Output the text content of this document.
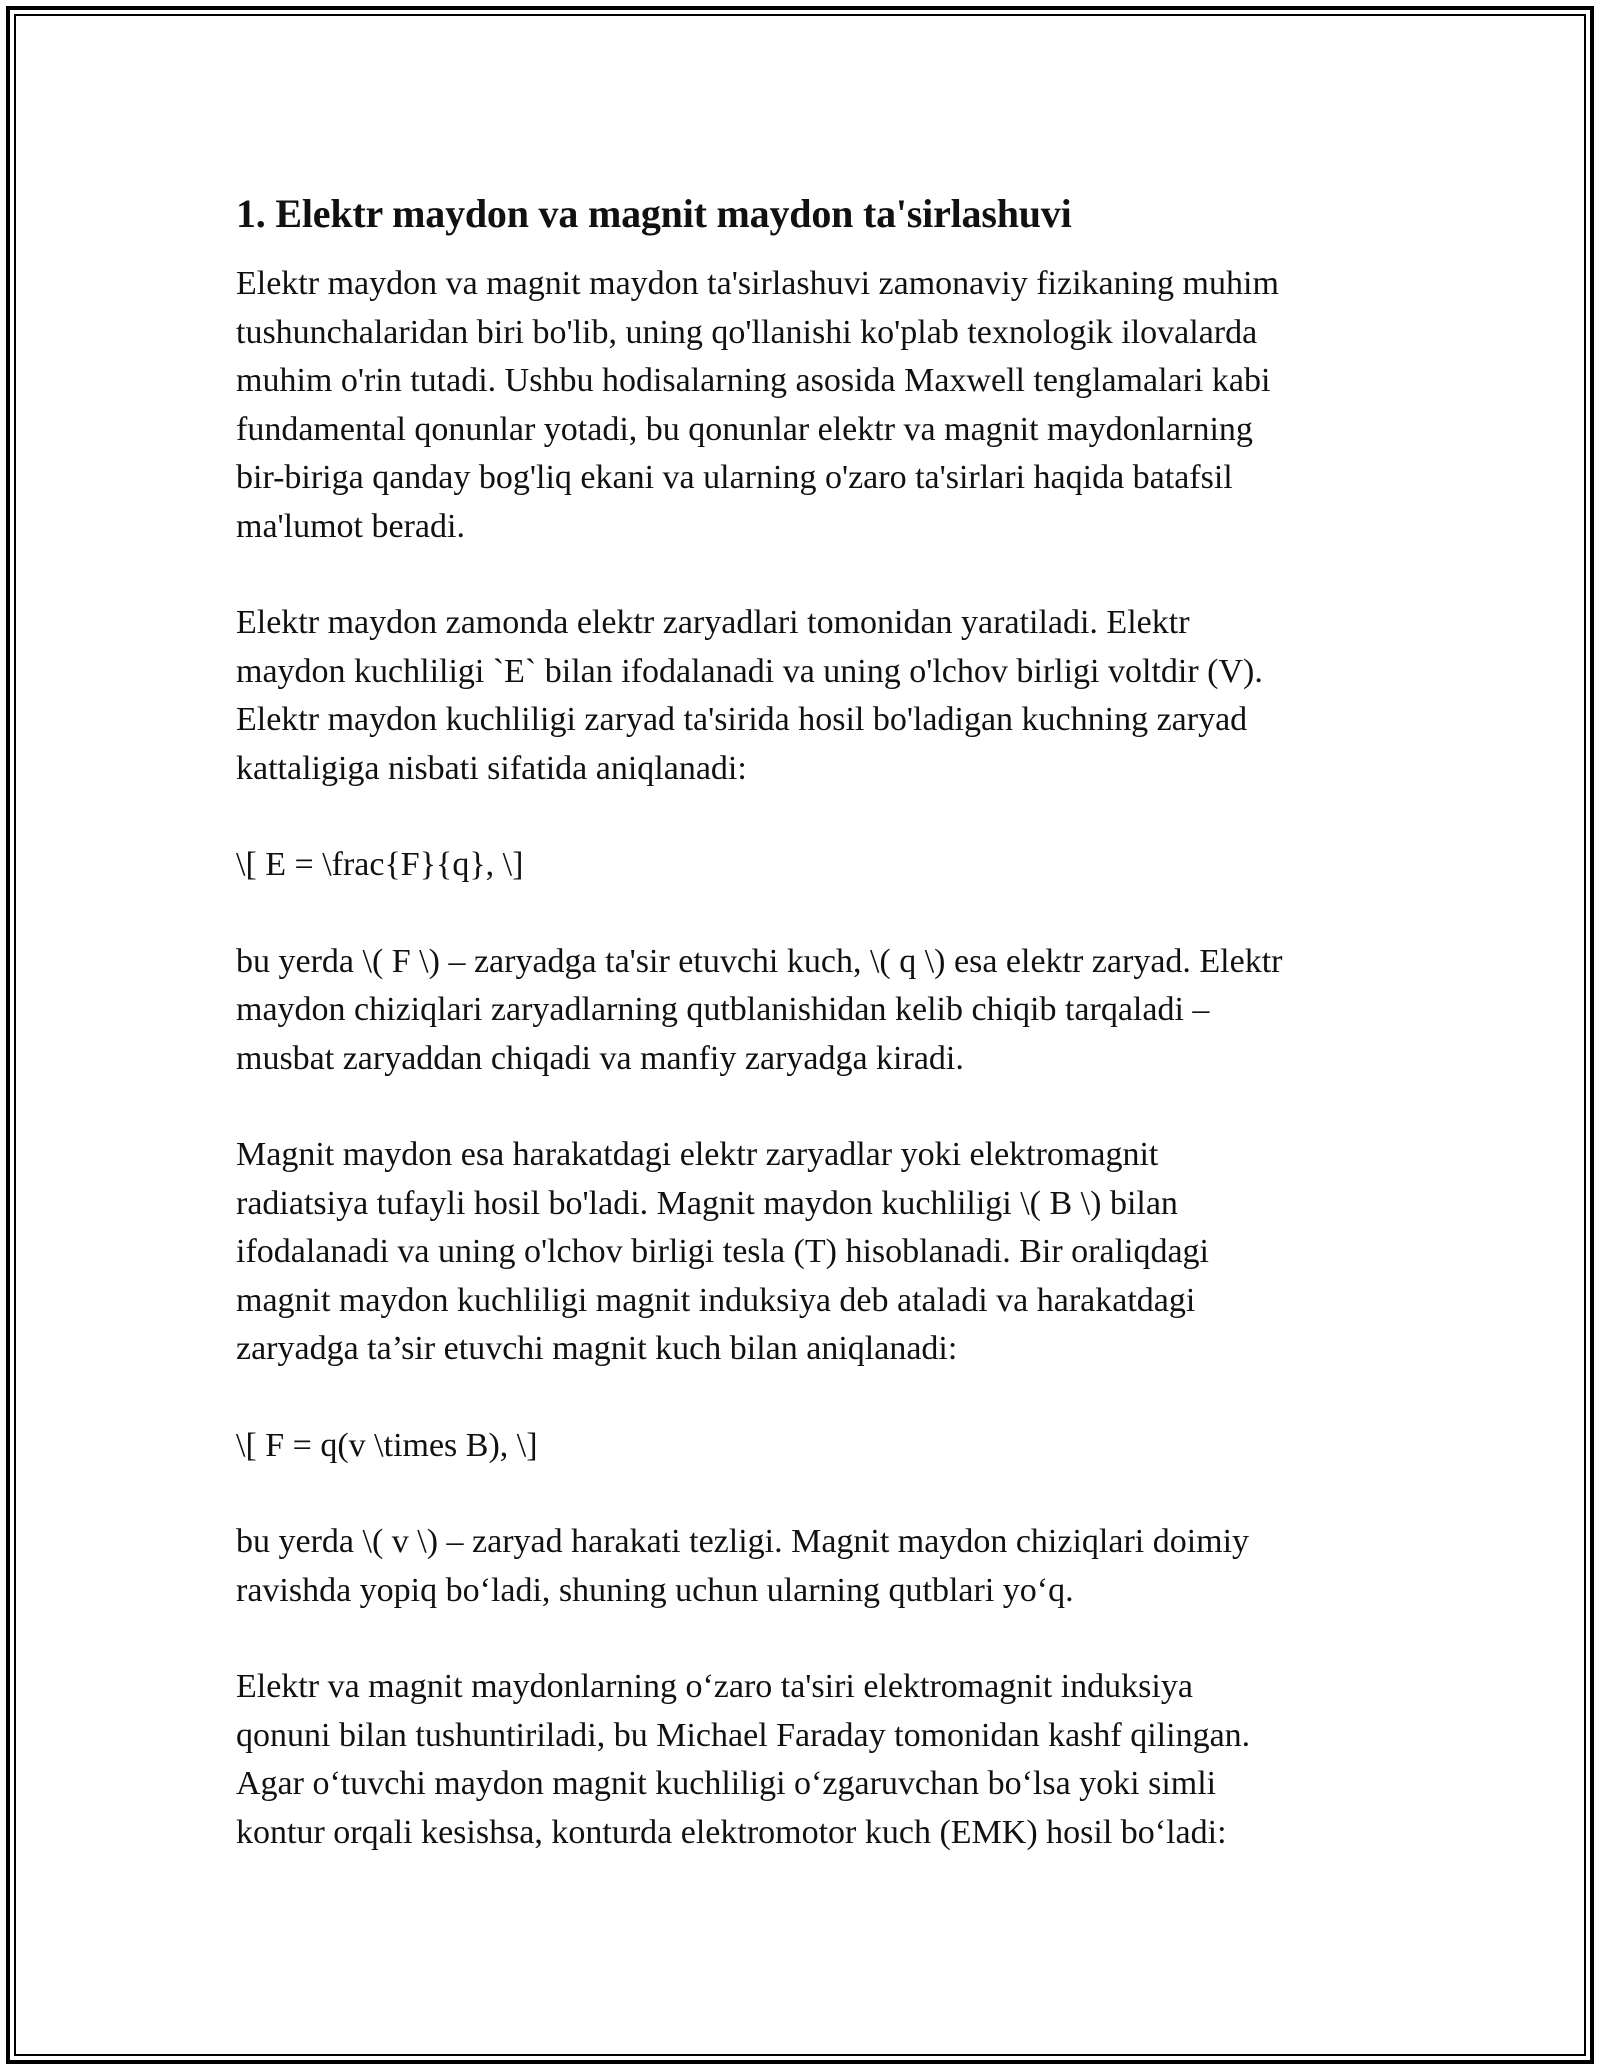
1. Elektr maydon va magnit maydon ta'sirlashuvi

Elektr maydon va magnit maydon ta'sirlashuvi zamonaviy fizikaning muhim
tushunchalaridan biri bo'lib, uning qo'llanishi ko'plab texnologik ilovalarda
muhim o'rin tutadi. Ushbu hodisalarning asosida Maxwell tenglamalari kabi
fundamental qonunlar yotadi, bu qonunlar elektr va magnit maydonlarning
bir-biriga qanday bog'liq ekani va ularning o'zaro ta'sirlari haqida batafsil
ma'lumot beradi.

Elektr maydon zamonda elektr zaryadlari tomonidan yaratiladi. Elektr
maydon kuchliligi `E` bilan ifodalanadi va uning o'lchov birligi voltdir (V).
Elektr maydon kuchliligi zaryad ta'sirida hosil bo'ladigan kuchning zaryad
kattaligiga nisbati sifatida aniqlanadi:

\[ E = \frac{F}{q}, \]

bu yerda \( F \) – zaryadga ta'sir etuvchi kuch, \( q \) esa elektr zaryad. Elektr
maydon chiziqlari zaryadlarning qutblanishidan kelib chiqib tarqaladi –
musbat zaryaddan chiqadi va manfiy zaryadga kiradi.

Magnit maydon esa harakatdagi elektr zaryadlar yoki elektromagnit
radiatsiya tufayli hosil bo'ladi. Magnit maydon kuchliligi \( B \) bilan
ifodalanadi va uning o'lchov birligi tesla (T) hisoblanadi. Bir oraliqdagi
magnit maydon kuchliligi magnit induksiya deb ataladi va harakatdagi
zaryadga ta’sir etuvchi magnit kuch bilan aniqlanadi:

\[ F = q(v \times B), \]

bu yerda \( v \) – zaryad harakati tezligi. Magnit maydon chiziqlari doimiy
ravishda yopiq bo‘ladi, shuning uchun ularning qutblari yo‘q.

Elektr va magnit maydonlarning o‘zaro ta'siri elektromagnit induksiya
qonuni bilan tushuntiriladi, bu Michael Faraday tomonidan kashf qilingan.
Agar o‘tuvchi maydon magnit kuchliligi o‘zgaruvchan bo‘lsa yoki simli
kontur orqali kesishsa, konturda elektromotor kuch (EMK) hosil bo‘ladi:
